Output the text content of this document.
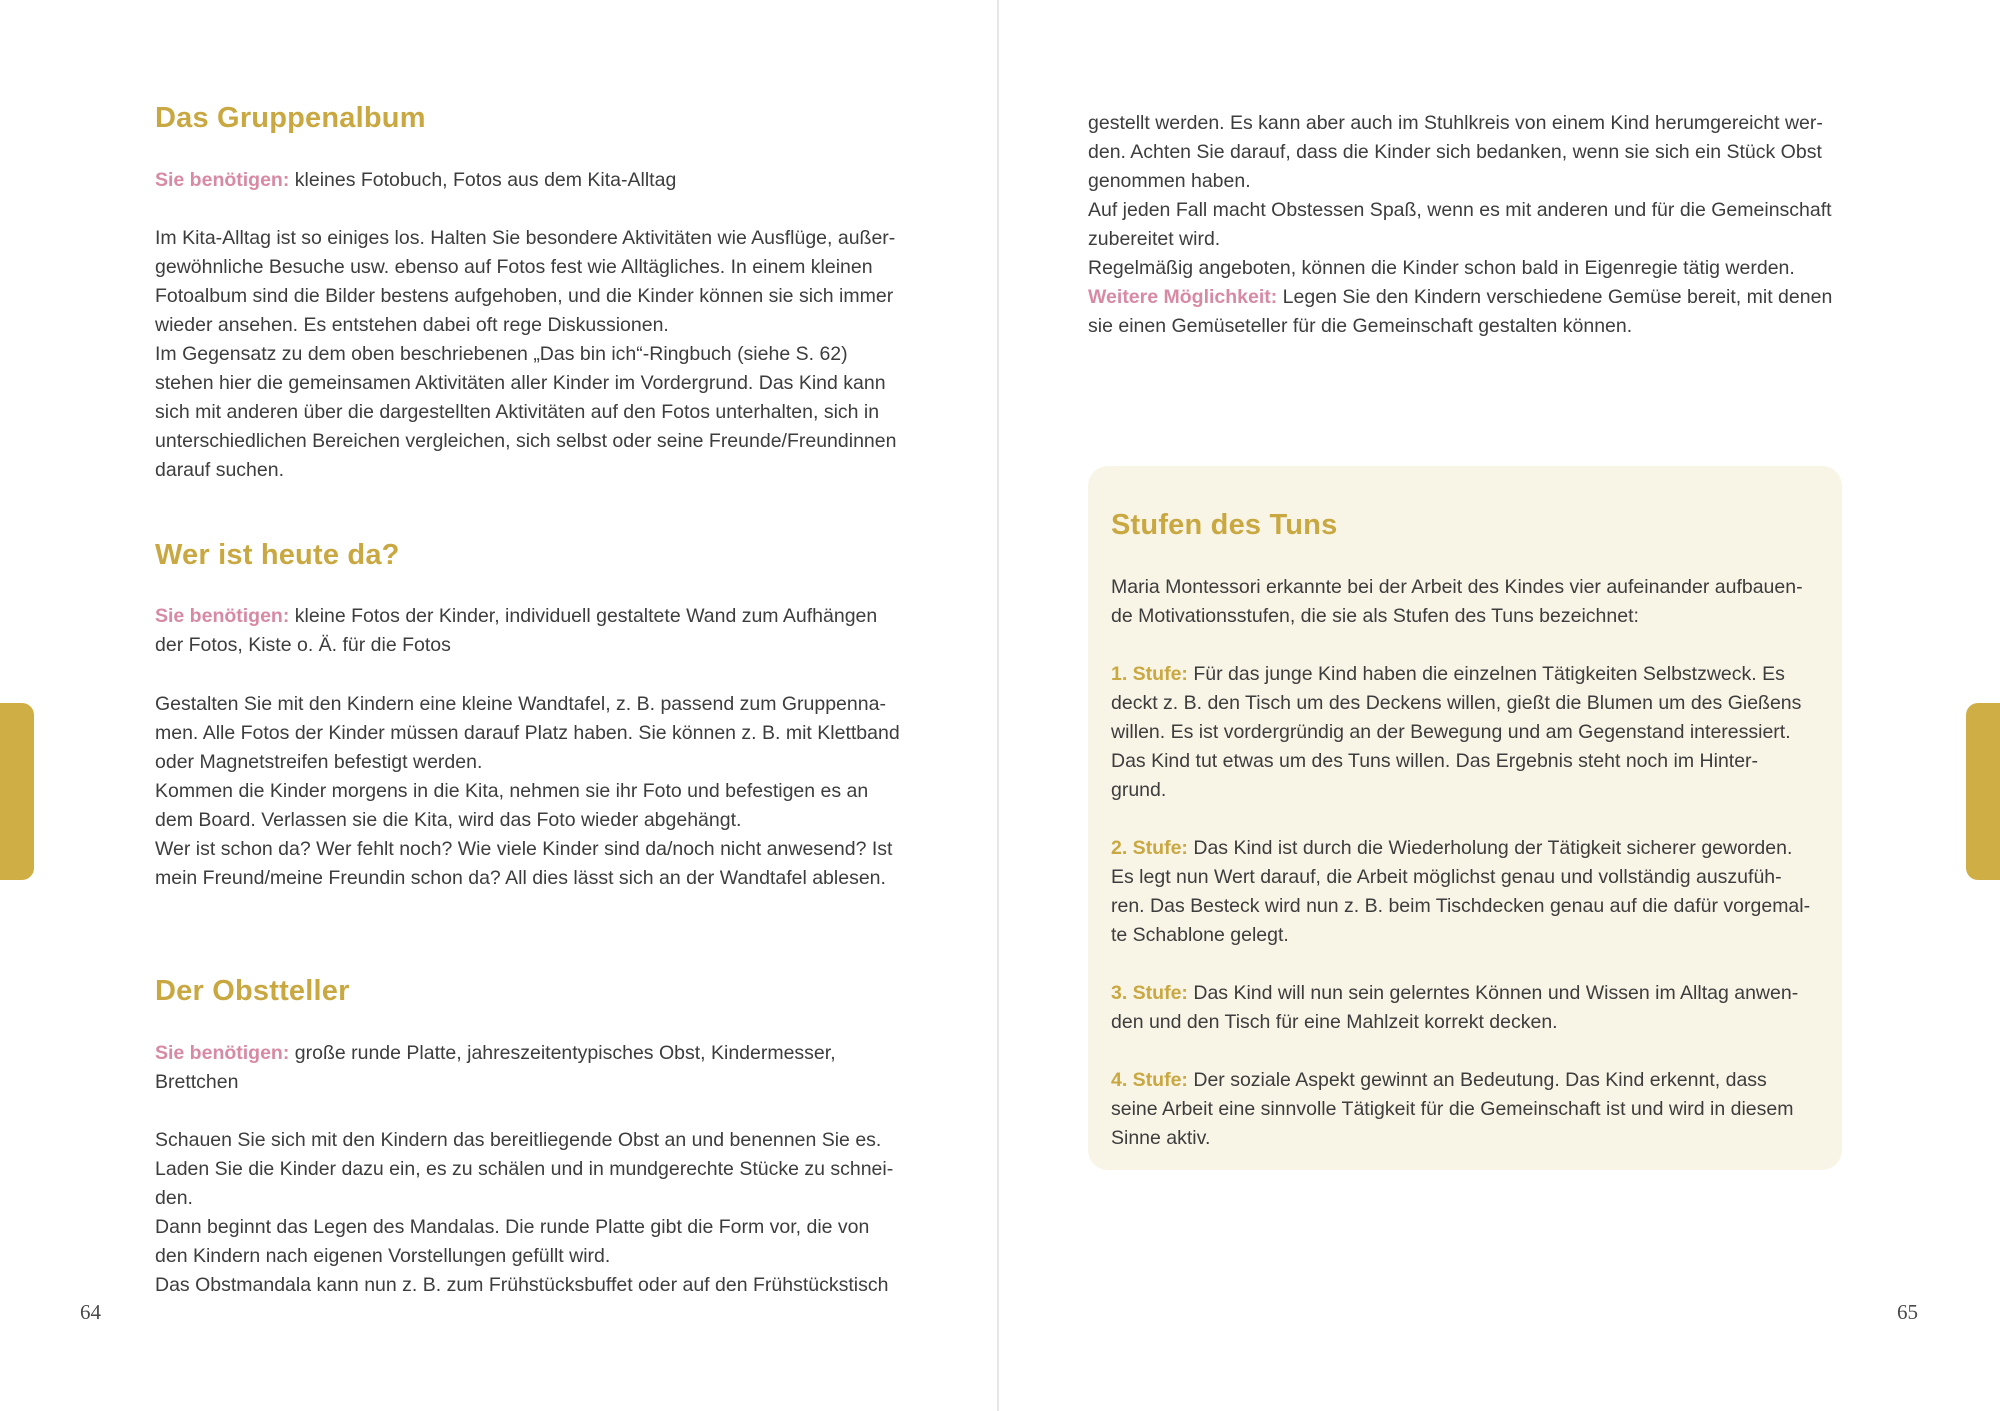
Das Gruppenalbum

Sie benötigen: kleines Fotobuch, Fotos aus dem Kita-Alltag

Im Kita-Alltag ist so einiges los. Halten Sie besondere Aktivitäten wie Ausflüge, außer-

gewöhnliche Besuche usw. ebenso auf Fotos fest wie Alltägliches. In einem kleinen

Fotoalbum sind die Bilder bestens aufgehoben, und die Kinder können sie sich immer

wieder ansehen. Es entstehen dabei oft rege Diskussionen.

Im Gegensatz zu dem oben beschriebenen „Das bin ich“-Ringbuch (siehe S. 62)

stehen hier die gemeinsamen Aktivitäten aller Kinder im Vordergrund. Das Kind kann

sich mit anderen über die dargestellten Aktivitäten auf den Fotos unterhalten, sich in

unterschiedlichen Bereichen vergleichen, sich selbst oder seine Freunde/Freundinnen

darauf suchen.

Wer ist heute da?

Sie benötigen: kleine Fotos der Kinder, individuell gestaltete Wand zum Aufhängen

der Fotos, Kiste o. Ä. für die Fotos

Gestalten Sie mit den Kindern eine kleine Wandtafel, z. B. passend zum Gruppenna-

men. Alle Fotos der Kinder müssen darauf Platz haben. Sie können z. B. mit Klettband

oder Magnetstreifen befestigt werden.

Kommen die Kinder morgens in die Kita, nehmen sie ihr Foto und befestigen es an

dem Board. Verlassen sie die Kita, wird das Foto wieder abgehängt.

Wer ist schon da? Wer fehlt noch? Wie viele Kinder sind da/noch nicht anwesend? Ist

mein Freund/meine Freundin schon da? All dies lässt sich an der Wandtafel ablesen.

Der Obstteller

Sie benötigen: große runde Platte, jahreszeitentypisches Obst, Kindermesser,

Brettchen

Schauen Sie sich mit den Kindern das bereitliegende Obst an und benennen Sie es.

Laden Sie die Kinder dazu ein, es zu schälen und in mundgerechte Stücke zu schnei-

den.

Dann beginnt das Legen des Mandalas. Die runde Platte gibt die Form vor, die von

den Kindern nach eigenen Vorstellungen gefüllt wird.

Das Obstmandala kann nun z. B. zum Frühstücksbuffet oder auf den Frühstückstisch

64

gestellt werden. Es kann aber auch im Stuhlkreis von einem Kind herumgereicht wer-

den. Achten Sie darauf, dass die Kinder sich bedanken, wenn sie sich ein Stück Obst

genommen haben.

Auf jeden Fall macht Obstessen Spaß, wenn es mit anderen und für die Gemeinschaft

zubereitet wird.

Regelmäßig angeboten, können die Kinder schon bald in Eigenregie tätig werden.

Weitere Möglichkeit: Legen Sie den Kindern verschiedene Gemüse bereit, mit denen

sie einen Gemüseteller für die Gemeinschaft gestalten können.

Stufen des Tuns

Maria Montessori erkannte bei der Arbeit des Kindes vier aufeinander aufbauen-

de Motivationsstufen, die sie als Stufen des Tuns bezeichnet:

1. Stufe: Für das junge Kind haben die einzelnen Tätigkeiten Selbstzweck. Es

deckt z. B. den Tisch um des Deckens willen, gießt die Blumen um des Gießens

willen. Es ist vordergründig an der Bewegung und am Gegenstand interessiert.

Das Kind tut etwas um des Tuns willen. Das Ergebnis steht noch im Hinter-

grund.

2. Stufe: Das Kind ist durch die Wiederholung der Tätigkeit sicherer geworden.

Es legt nun Wert darauf, die Arbeit möglichst genau und vollständig auszufüh-

ren. Das Besteck wird nun z. B. beim Tischdecken genau auf die dafür vorgemal-

te Schablone gelegt.

3. Stufe: Das Kind will nun sein gelerntes Können und Wissen im Alltag anwen-

den und den Tisch für eine Mahlzeit korrekt decken.

4. Stufe: Der soziale Aspekt gewinnt an Bedeutung. Das Kind erkennt, dass

seine Arbeit eine sinnvolle Tätigkeit für die Gemeinschaft ist und wird in diesem

Sinne aktiv.

65
